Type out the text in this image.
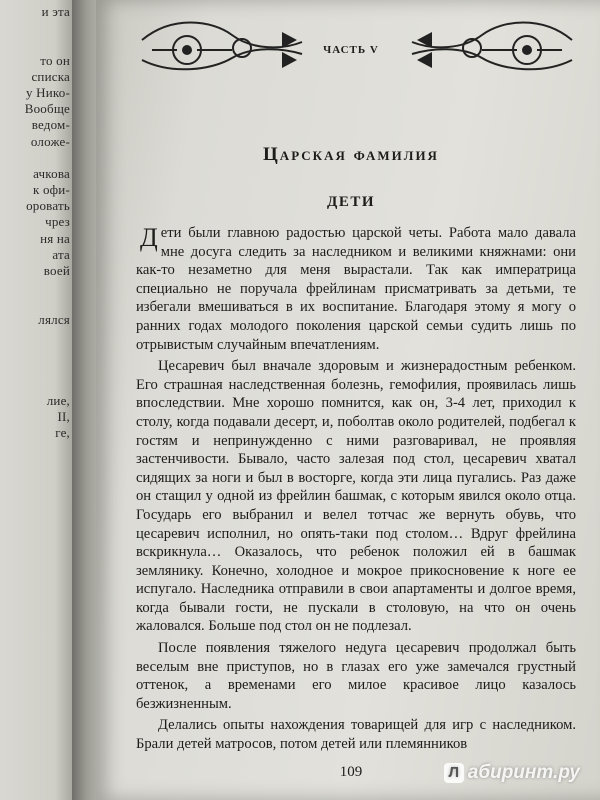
и эта
то он
списка
у Нико-
Вообще
ведом-
оложе-
ачкова
к офи-
оровать
чрез
ня на
ата
воей
лялся
лие,
ІІ,
ге,
ЧАСТЬ V
Царская фамилия
ДЕТИ

Дети были главною радостью царской четы. Работа мало давала мне досуга следить за наследником и великими княжнами: они как-то незаметно для меня вырастали. Так как императрица специально не поручала фрейлинам присматривать за детьми, те избегали вмешиваться в их воспитание. Благодаря этому я могу о ранних годах молодого поколения царской семьи судить лишь по отрывистым случайным впечатлениям.

Цесаревич был вначале здоровым и жизнерадостным ребенком. Его страшная наследственная болезнь, гемофилия, проявилась лишь впоследствии. Мне хорошо помнится, как он, 3-4 лет, приходил к столу, когда подавали десерт, и, поболтав около родителей, подбегал к гостям и непринужденно с ними разговаривал, не проявляя застенчивости. Бывало, часто залезая под стол, цесаревич хватал сидящих за ноги и был в восторге, когда эти лица пугались. Раз даже он стащил у одной из фрейлин башмак, с которым явился около отца. Государь его выбранил и велел тотчас же вернуть обувь, что цесаревич исполнил, но опять-таки под столом… Вдруг фрейлина вскрикнула… Оказалось, что ребенок положил ей в башмак землянику. Конечно, холодное и мокрое прикосновение к ноге ее испугало. Наследника отправили в свои апартаменты и долгое время, когда бывали гости, не пускали в столовую, на что он очень жаловался. Больше под стол он не подлезал.

После появления тяжелого недуга цесаревич продолжал быть веселым вне приступов, но в глазах его уже замечался грустный оттенок, а временами его милое красивое лицо казалось безжизненным.

Делались опыты нахождения товарищей для игр с наследником. Брали детей матросов, потом детей или племянников

109	Л абиринт.ру
